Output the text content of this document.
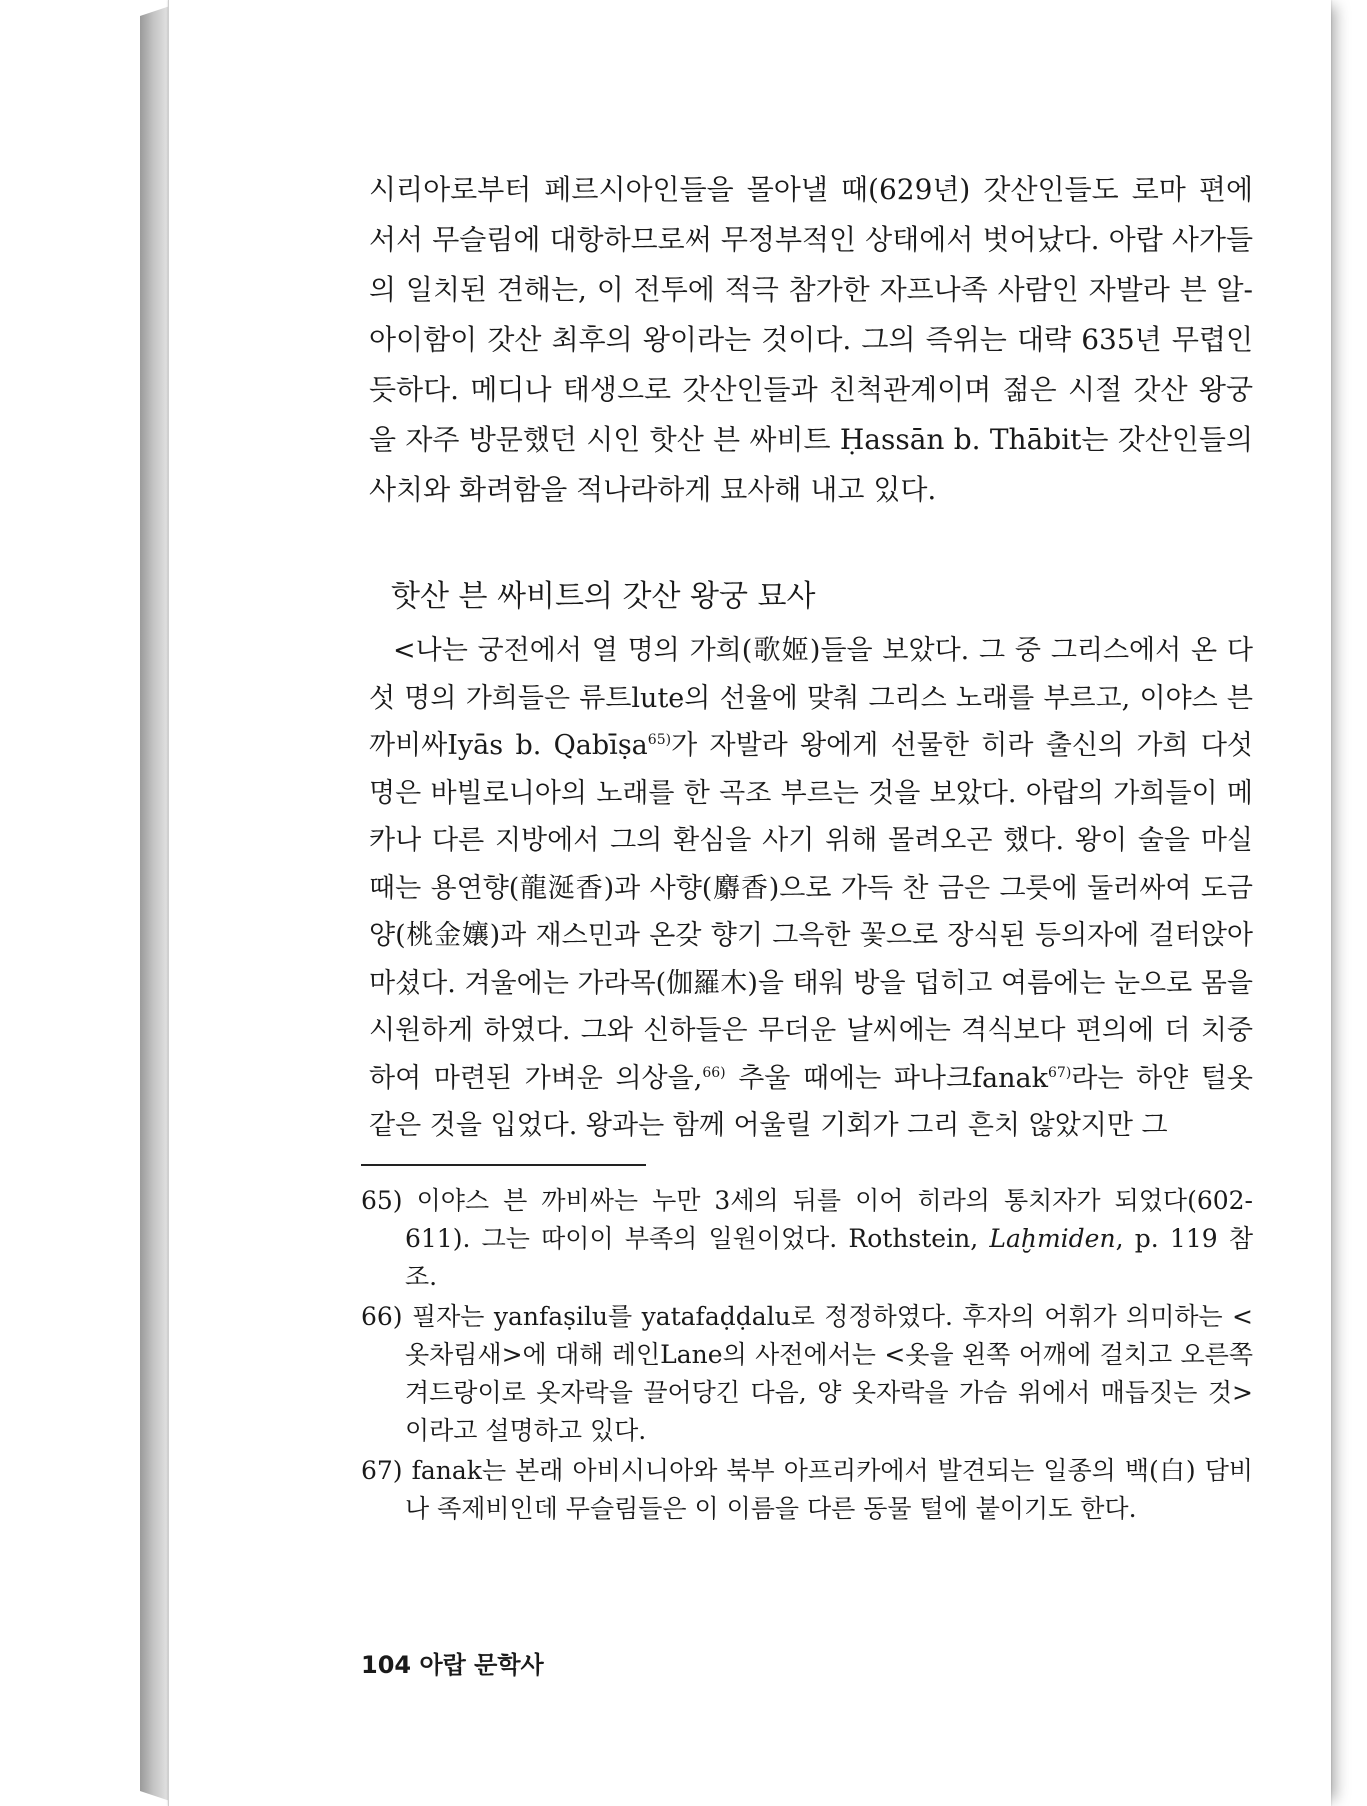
시리아로부터 페르시아인들을 몰아낼 때(629년) 갓산인들도 로마 편에 서서 무슬림에 대항하므로써 무정부적인 상태에서 벗어났다. 아랍 사가들의 일치된 견해는, 이 전투에 적극 참가한 자프나족 사람인 자발라 븐 알-아이함이 갓산 최후의 왕이라는 것이다. 그의 즉위는 대략 635년 무렵인 듯하다. 메디나 태생으로 갓산인들과 친척관계이며 젊은 시절 갓산 왕궁을 자주 방문했던 시인 핫산 븐 싸비트 Ḥassān b. Thābit는 갓산인들의 사치와 화려함을 적나라하게 묘사해 내고 있다.

핫산 븐 싸비트의 갓산 왕궁 묘사

<나는 궁전에서 열 명의 가희(歌姬)들을 보았다. 그 중 그리스에서 온 다섯 명의 가희들은 류트lute의 선율에 맞춰 그리스 노래를 부르고, 이야스 븐 까비싸Iyās b. Qabīṣa$^{65)}$가 자발라 왕에게 선물한 히라 출신의 가희 다섯 명은 바빌로니아의 노래를 한 곡조 부르는 것을 보았다. 아랍의 가희들이 메카나 다른 지방에서 그의 환심을 사기 위해 몰려오곤 했다. 왕이 술을 마실 때는 용연향(龍涎香)과 사향(麝香)으로 가득 찬 금은 그릇에 둘러싸여 도금양(桃金孃)과 재스민과 온갖 향기 그윽한 꽃으로 장식된 등의자에 걸터앉아 마셨다. 겨울에는 가라목(伽羅木)을 태워 방을 덥히고 여름에는 눈으로 몸을 시원하게 하였다. 그와 신하들은 무더운 날씨에는 격식보다 편의에 더 치중하여 마련된 가벼운 의상을,$^{66)}$ 추울 때에는 파나크fanak$^{67)}$라는 하얀 털옷 같은 것을 입었다. 왕과는 함께 어울릴 기회가 그리 흔치 않았지만 그

65) 이야스 븐 까비싸는 누만 3세의 뒤를 이어 히라의 통치자가 되었다(602-611). 그는 따이이 부족의 일원이었다. Rothstein, Laḫmiden, p. 119 참조.

66) 필자는 yanfaṣilu를 yatafaḍḍalu로 정정하였다. 후자의 어휘가 의미하는 <옷차림새>에 대해 레인Lane의 사전에서는 <옷을 왼쪽 어깨에 걸치고 오른쪽 겨드랑이로 옷자락을 끌어당긴 다음, 양 옷자락을 가슴 위에서 매듭짓는 것>이라고 설명하고 있다.

67) fanak는 본래 아비시니아와 북부 아프리카에서 발견되는 일종의 백(白) 담비나 족제비인데 무슬림들은 이 이름을 다른 동물 털에 붙이기도 한다.

104 아랍 문학사
